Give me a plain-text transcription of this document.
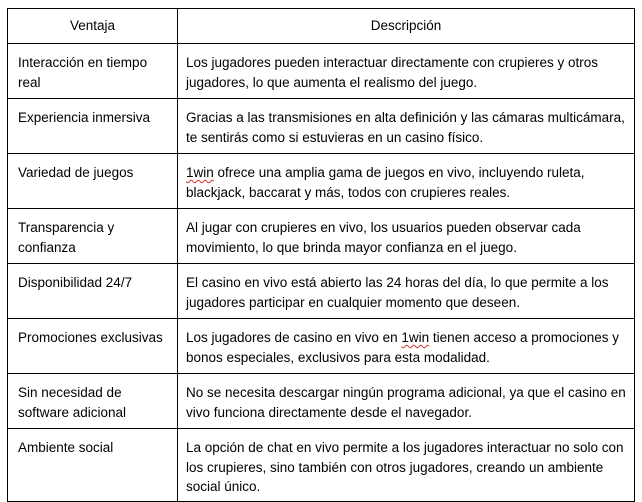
Ventaja	Descripción
Interacción en tiempo real	Los jugadores pueden interactuar directamente con crupieres y otros jugadores, lo que aumenta el realismo del juego.
Experiencia inmersiva	Gracias a las transmisiones en alta definición y las cámaras multicámara, te sentirás como si estuvieras en un casino físico.
Variedad de juegos	1win ofrece una amplia gama de juegos en vivo, incluyendo ruleta, blackjack, baccarat y más, todos con crupieres reales.
Transparencia y confianza	Al jugar con crupieres en vivo, los usuarios pueden observar cada movimiento, lo que brinda mayor confianza en el juego.
Disponibilidad 24/7	El casino en vivo está abierto las 24 horas del día, lo que permite a los jugadores participar en cualquier momento que deseen.
Promociones exclusivas	Los jugadores de casino en vivo en 1win tienen acceso a promociones y bonos especiales, exclusivos para esta modalidad.
Sin necesidad de software adicional	No se necesita descargar ningún programa adicional, ya que el casino en vivo funciona directamente desde el navegador.
Ambiente social	La opción de chat en vivo permite a los jugadores interactuar no solo con los crupieres, sino también con otros jugadores, creando un ambiente social único.
